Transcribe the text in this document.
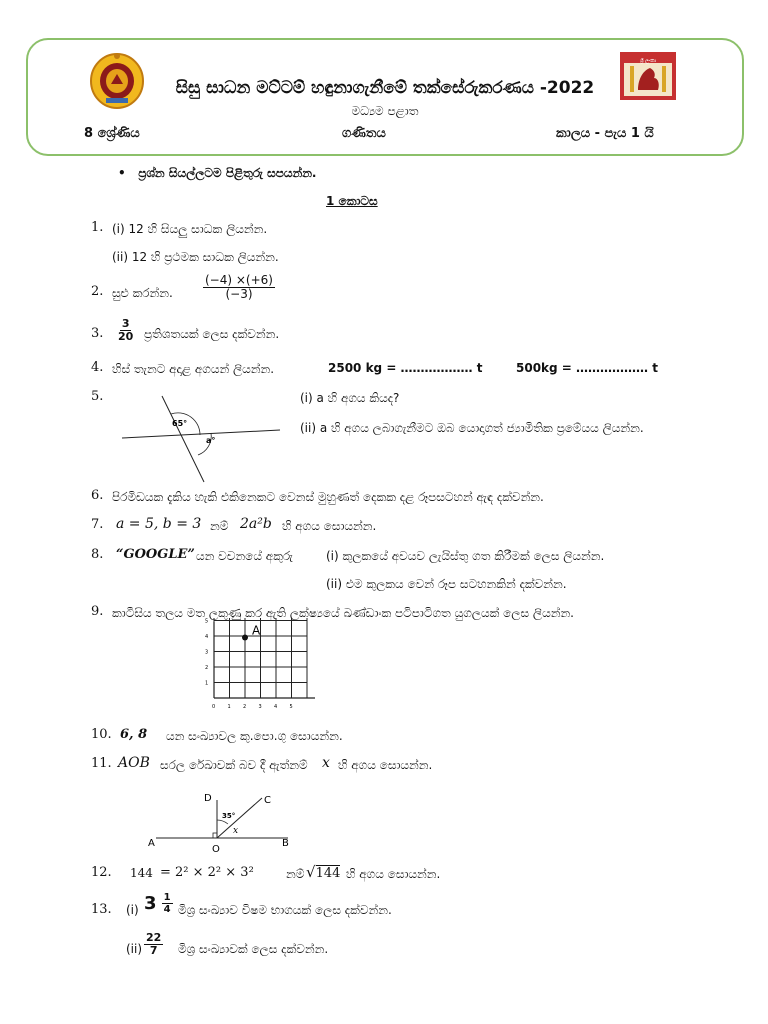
ශ්‍රී ලංකා
සිසු සාධන මට්ටම් හඳුනාගැනීමේ තක්සේරුකරණය -2022
මධ්‍යම පළාත
8 ශ්‍රේණිය	ගණිතය	කාලය - පැය 1 යි
•   ප්‍රශ්න සියල්ලටම පිළිතුරු සපයන්න.
1 කොටස
1. (i) 12 හි සියලු සාධක ලියන්න.
(ii) 12 හි ප්‍රථමක සාධක ලියන්න.
2. සුළු කරන්න.	$\frac{(-4) \times(+6)}{(-3)}$
3. $\frac{3}{20}$ ප්‍රතිශතයක් ලෙස දක්වන්න.
4. හිස් තැනට අදාළ අගයන් ලියන්න.	2500 kg = ……………… t	500kg = ……………… t
5.
65°
a°
(i) a හි අගය කියද?
(ii) a හි අගය ලබාගැනීමට ඔබ යොදාගත් ජ්‍යාමිතික ප්‍රමේයය ලියන්න.
6. පිරමිඩයක දැකිය හැකි එකිනෙකට වෙනස් මුහුණත් දෙකක දළ රූපසටහන් ඇඳ දක්වන්න.
7. a = 5, b = 3 නම් 2a²b හි අගය සොයන්න.
8. “GOOGLE” යන වචනයේ අකුරු	(i) කුලකයේ අවයව ලැයිස්තු ගත කිරීමක් ලෙස ලියන්න.
(ii) එම කුලකය වෙන් රූප සටහනකින් දක්වන්න.
9. කාටීසිය තලය මත ලකුණු කර ඇති ලක්ෂ්‍යයේ ඛණ්ඩාංක පටිපාටිගත යුගලයක් ලෙස ලියන්න.
0 1 2 3 4 5
1
2
3
4
5
A
10. 6, 8 යන සංඛ්‍යාවල කු.පො.ගු සොයන්න.
11. AOB සරල රේඛාවක් බව දී ඇත්නම් x හි අගය සොයන්න.
D	C
A	B
O
35°
x
12. 144 = 2² × 2² × 3²	නම් √144 හි අගය සොයන්න.
13. (i) $3 \frac{1}{4}$ මිශ්‍ර සංඛ්‍යාව විෂම භාගයක් ලෙස දක්වන්න.
$(ii) \frac{22}{7}$ මිශ්‍ර සංඛ්‍යාවක් ලෙස දක්වන්න.
